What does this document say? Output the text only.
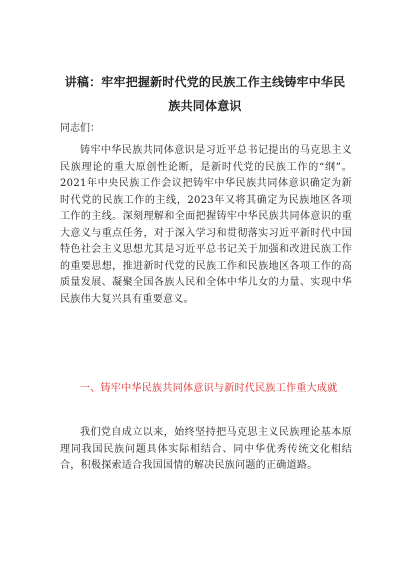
讲稿：牢牢把握新时代党的民族工作主线铸牢中华民族共同体意识
同志们：
铸牢中华民族共同体意识是习近平总书记提出的马克思主义民族理论的重大原创性论断，是新时代党的民族工作的“纲”。2021年中央民族工作会议把铸牢中华民族共同体意识确定为新时代党的民族工作的主线，2023年又将其确定为民族地区各项工作的主线。深刻理解和全面把握铸牢中华民族共同体意识的重大意义与重点任务，对于深入学习和贯彻落实习近平新时代中国特色社会主义思想尤其是习近平总书记关于加强和改进民族工作的重要思想，推进新时代党的民族工作和民族地区各项工作的高质量发展、凝聚全国各族人民和全体中华儿女的力量、实现中华民族伟大复兴具有重要意义。
一、铸牢中华民族共同体意识与新时代民族工作重大成就
我们党自成立以来，始终坚持把马克思主义民族理论基本原理同我国民族问题具体实际相结合、同中华优秀传统文化相结合，积极探索适合我国国情的解决民族问题的正确道路。
